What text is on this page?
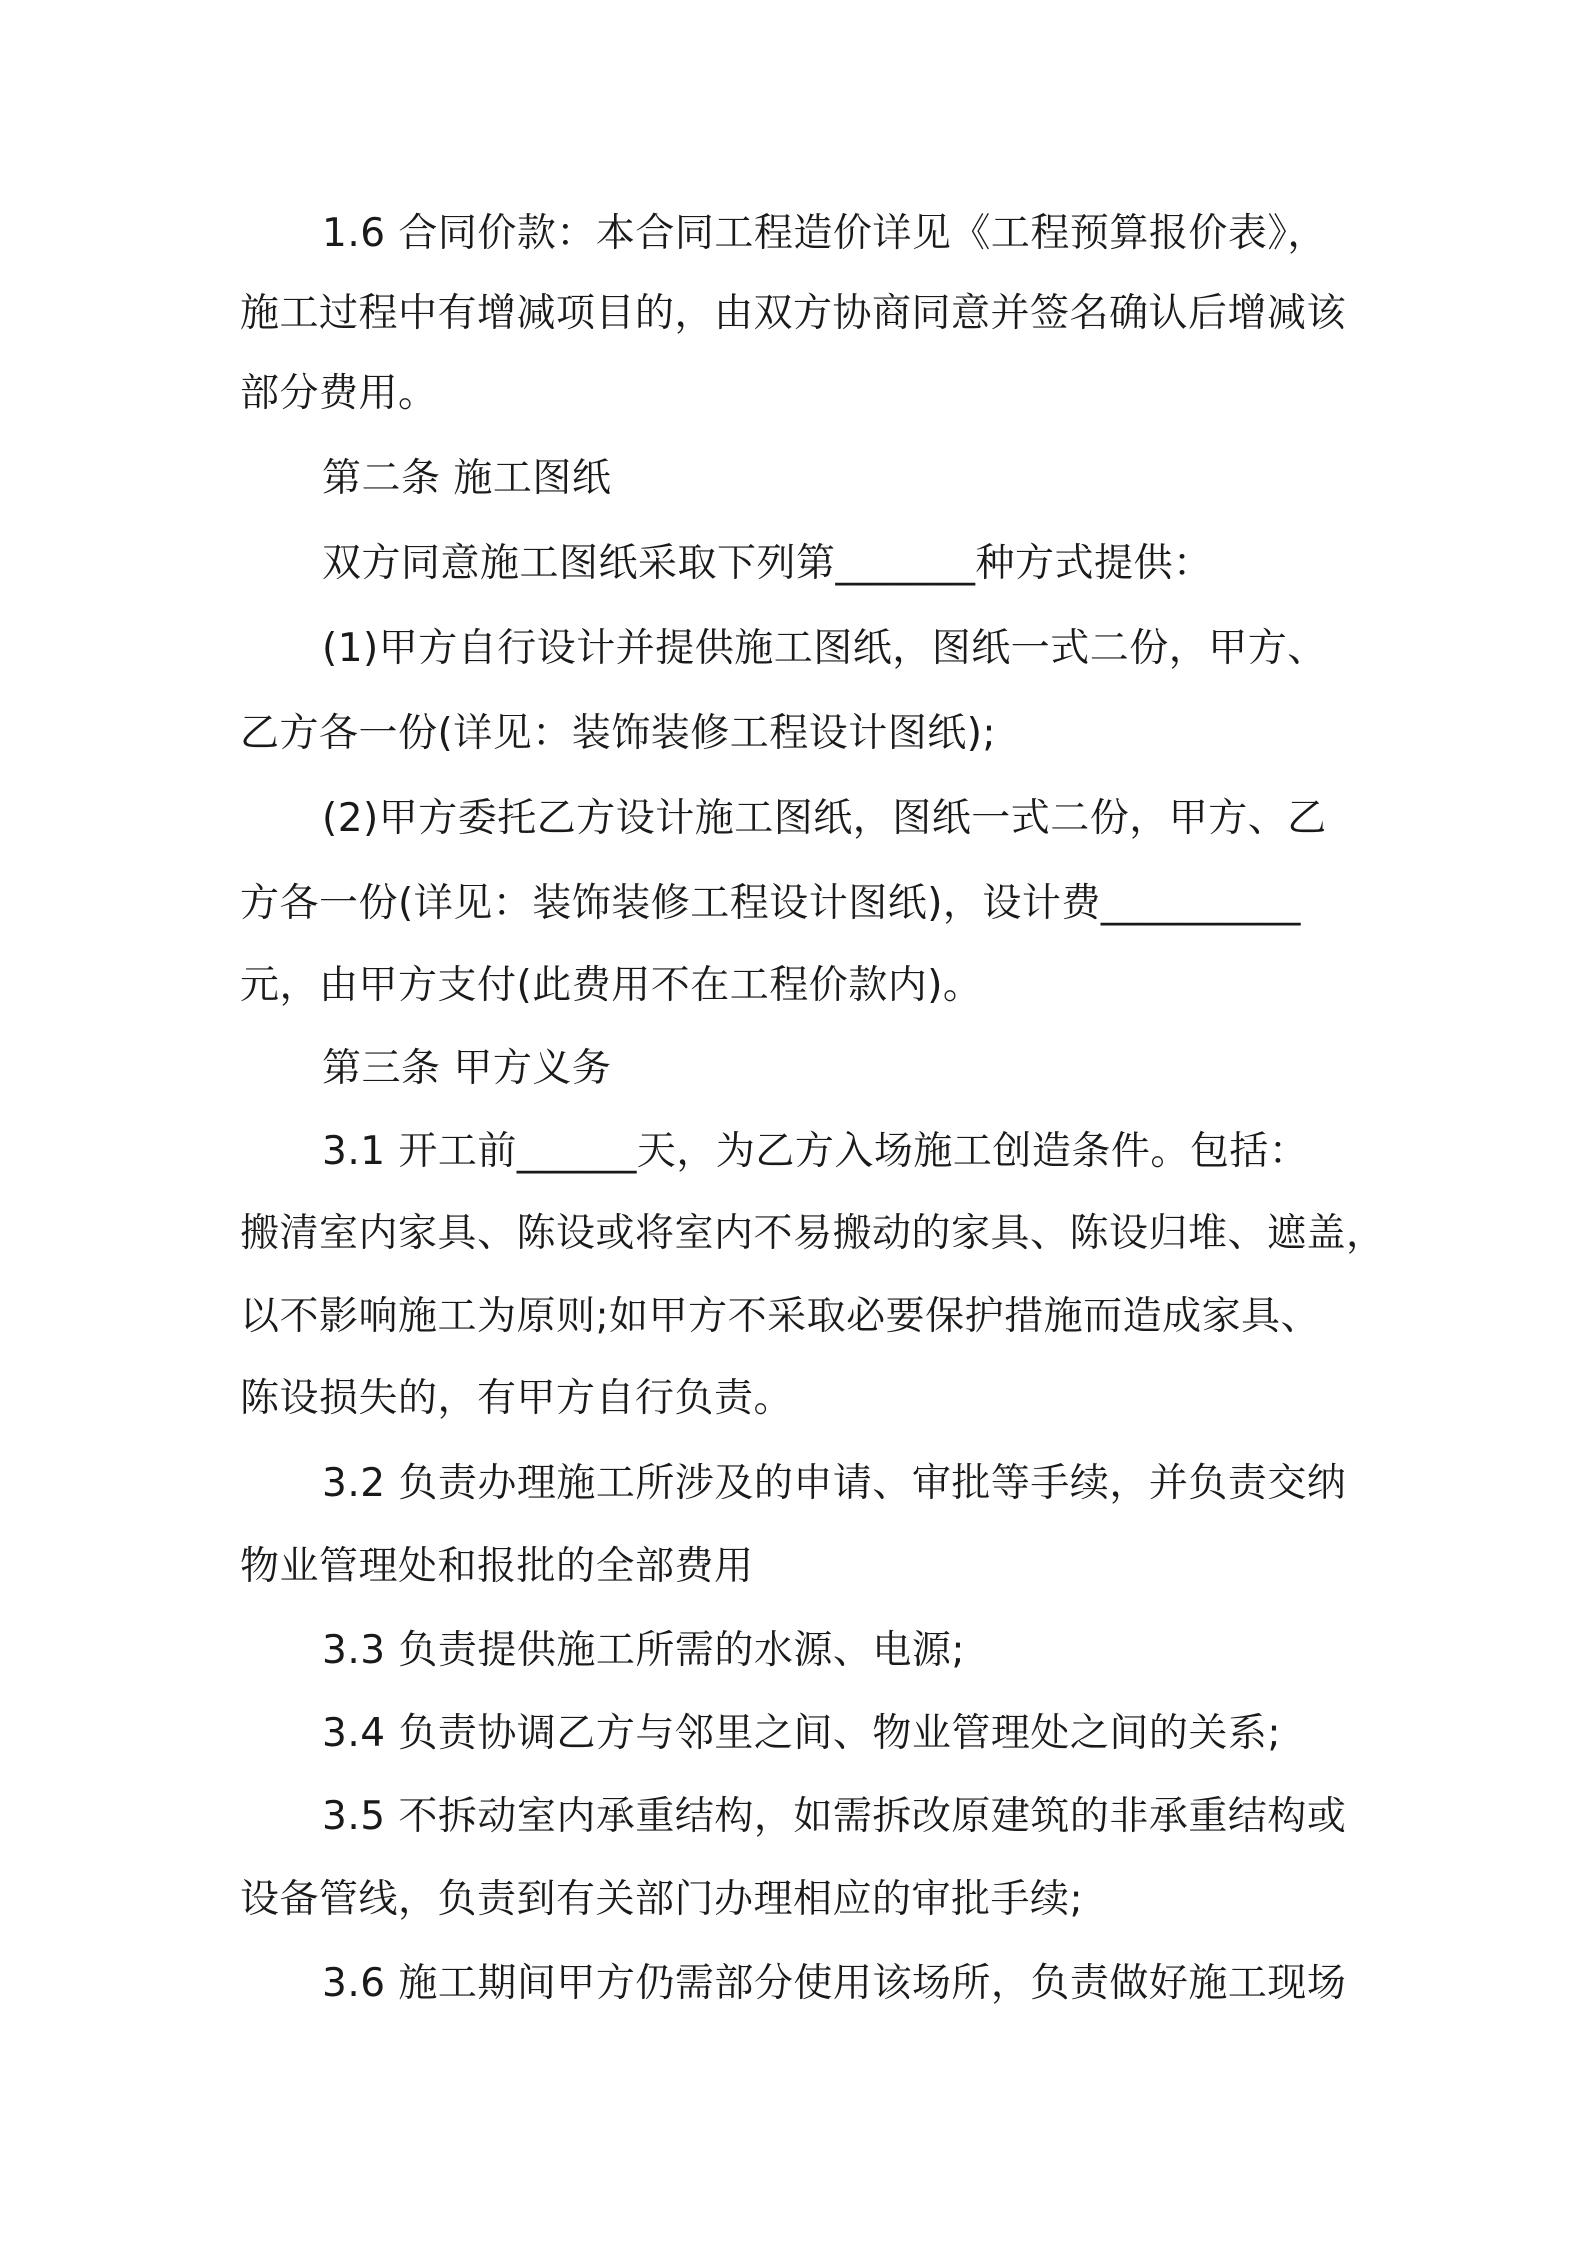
1.6 合同价款：本合同工程造价详见《工程预算报价表》，
施工过程中有增减项目的，由双方协商同意并签名确认后增减该
部分费用。
第二条 施工图纸
双方同意施工图纸采取下列第_______种方式提供：
(1)甲方自行设计并提供施工图纸，图纸一式二份，甲方、
乙方各一份(详见：装饰装修工程设计图纸);
(2)甲方委托乙方设计施工图纸，图纸一式二份，甲方、乙
方各一份(详见：装饰装修工程设计图纸)，设计费__________
元，由甲方支付(此费用不在工程价款内)。
第三条 甲方义务
3.1 开工前______天，为乙方入场施工创造条件。包括：
搬清室内家具、陈设或将室内不易搬动的家具、陈设归堆、遮盖，
以不影响施工为原则;如甲方不采取必要保护措施而造成家具、
陈设损失的，有甲方自行负责。
3.2 负责办理施工所涉及的申请、审批等手续，并负责交纳
物业管理处和报批的全部费用
3.3 负责提供施工所需的水源、电源;
3.4 负责协调乙方与邻里之间、物业管理处之间的关系;
3.5 不拆动室内承重结构，如需拆改原建筑的非承重结构或
设备管线，负责到有关部门办理相应的审批手续;
3.6 施工期间甲方仍需部分使用该场所，负责做好施工现场
